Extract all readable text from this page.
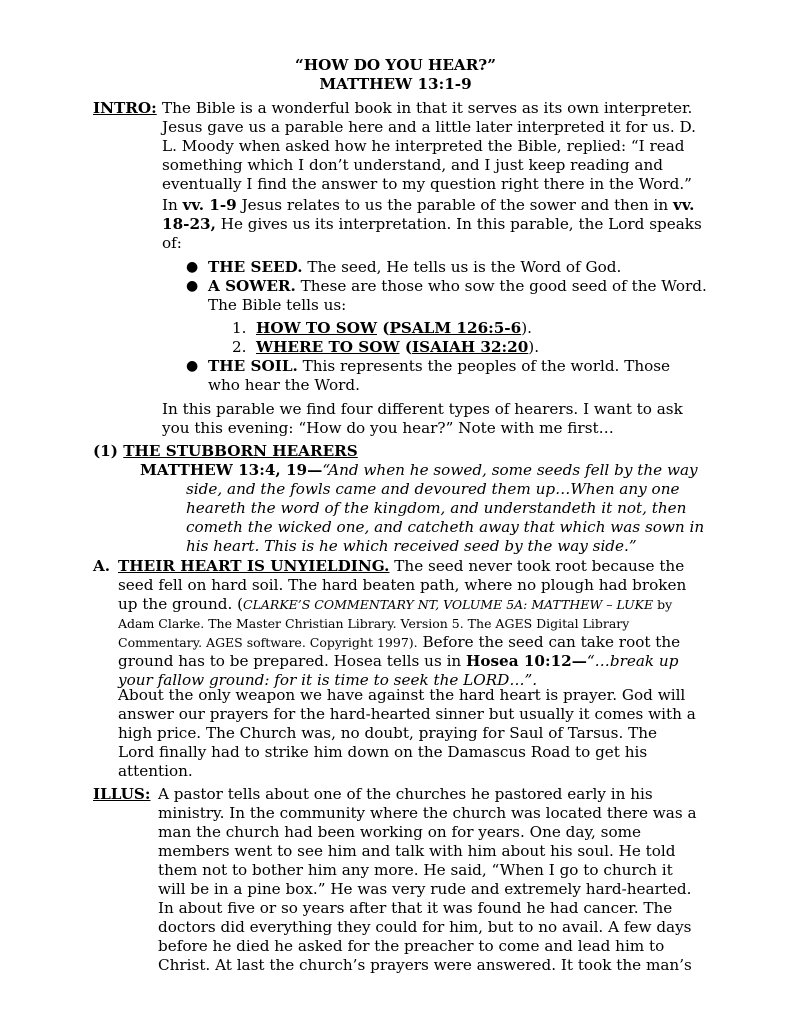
“HOW DO YOU HEAR?”
MATTHEW 13:1-9
INTRO: The Bible is a wonderful book in that it serves as its own interpreter. Jesus gave us a parable here and a little later interpreted it for us. D. L. Moody when asked how he interpreted the Bible, replied: “I read something which I don’t understand, and I just keep reading and eventually I find the answer to my question right there in the Word.”

In vv. 1-9 Jesus relates to us the parable of the sower and then in vv. 18-23, He gives us its interpretation. In this parable, the Lord speaks of:

● THE SEED. The seed, He tells us is the Word of God.

● A SOWER. These are those who sow the good seed of the Word. The Bible tells us:

1. HOW TO SOW (PSALM 126:5-6).

2. WHERE TO SOW (ISAIAH 32:20).

● THE SOIL. This represents the peoples of the world. Those who hear the Word.

In this parable we find four different types of hearers. I want to ask you this evening: “How do you hear?” Note with me first…

(1) THE STUBBORN HEARERS

MATTHEW 13:4, 19—“And when he sowed, some seeds fell by the way side, and the fowls came and devoured them up…When any one heareth the word of the kingdom, and understandeth it not, then cometh the wicked one, and catcheth away that which was sown in his heart. This is he which received seed by the way side.”

A. THEIR HEART IS UNYIELDING. The seed never took root because the seed fell on hard soil. The hard beaten path, where no plough had broken up the ground. (CLARKE’S COMMENTARY NT, VOLUME 5A: MATTHEW – LUKE by Adam Clarke. The Master Christian Library. Version 5. The AGES Digital Library Commentary. AGES software. Copyright 1997). Before the seed can take root the ground has to be prepared. Hosea tells us in Hosea 10:12—“…break up your fallow ground: for it is time to seek the LORD…”.

About the only weapon we have against the hard heart is prayer. God will answer our prayers for the hard-hearted sinner but usually it comes with a high price. The Church was, no doubt, praying for Saul of Tarsus. The Lord finally had to strike him down on the Damascus Road to get his attention.

ILLUS: A pastor tells about one of the churches he pastored early in his ministry. In the community where the church was located there was a man the church had been working on for years. One day, some members went to see him and talk with him about his soul. He told them not to bother him any more. He said, “When I go to church it will be in a pine box.” He was very rude and extremely hard-hearted. In about five or so years after that it was found he had cancer. The doctors did everything they could for him, but to no avail. A few days before he died he asked for the preacher to come and lead him to Christ. At last the church’s prayers were answered. It took the man’s
